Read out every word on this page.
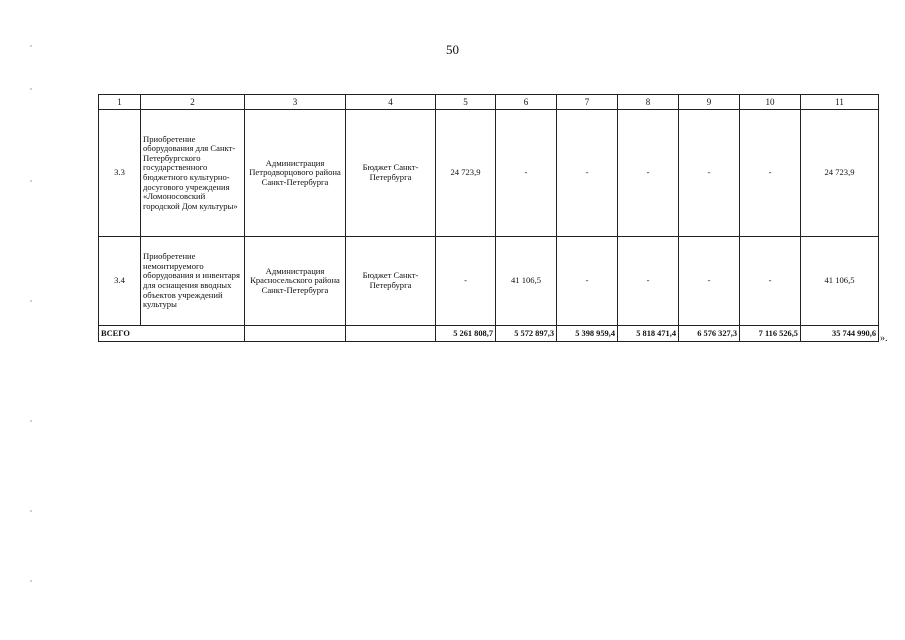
50
1	2	3	4	5	6	7	8	9	10	11
3.3	Приобретение оборудования для Санкт-Петербургского государственного бюджетного культурно-досугового учреждения «Ломоносовский городской Дом культуры»	Администрация Петродворцового района Санкт-Петербурга	Бюджет Санкт-Петербурга	24 723,9	-	-	-	-	-	24 723,9
3.4	Приобретение немонтируемого оборудования и инвентаря для оснащения вводных объектов учреждений культуры	Администрация Красносельского района Санкт-Петербурга	Бюджет Санкт-Петербурга	-	41 106,5	-	-	-	-	41 106,5
ВСЕГО				5 261 808,7	5 572 897,3	5 398 959,4	5 818 471,4	6 576 327,3	7 116 526,5	35 744 990,6 ».
